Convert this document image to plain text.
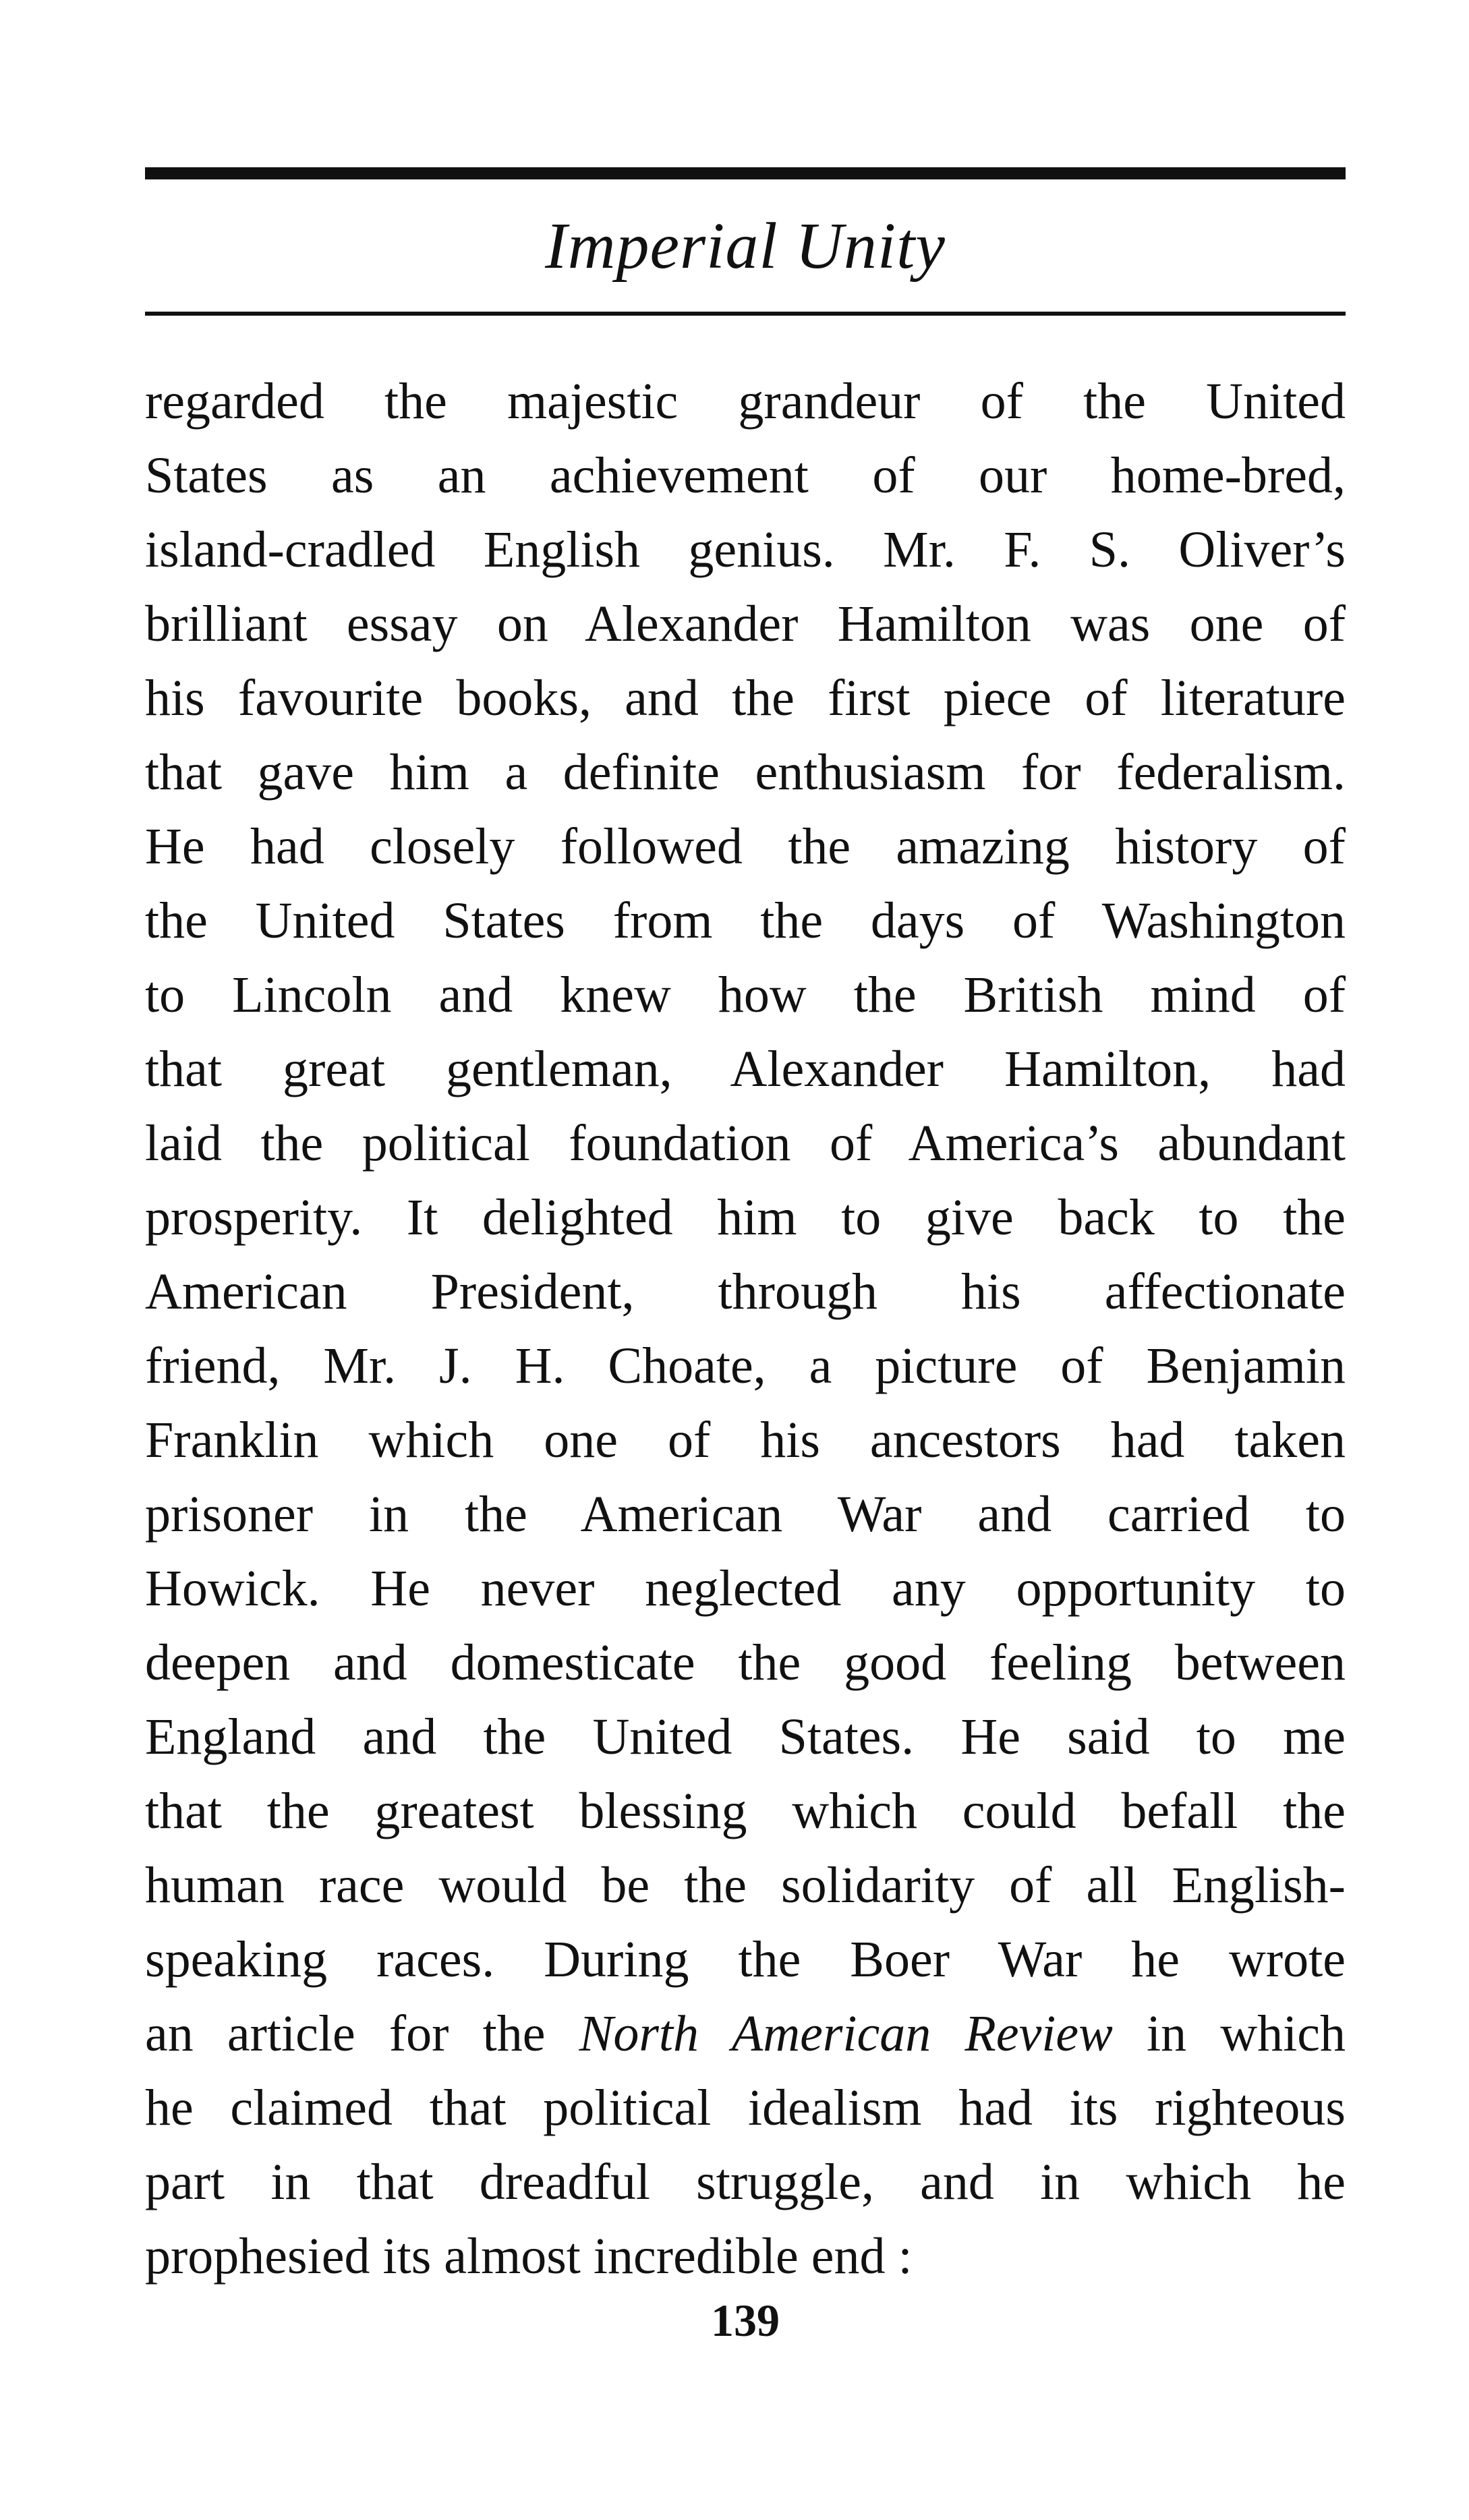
Imperial Unity
regarded the majestic grandeur of the United
States as an achievement of our home-bred,
island-cradled English genius. Mr. F. S. Oliver’s
brilliant essay on Alexander Hamilton was one of
his favourite books, and the first piece of literature
that gave him a definite enthusiasm for federalism.
He had closely followed the amazing history of
the United States from the days of Washington
to Lincoln and knew how the British mind of
that great gentleman, Alexander Hamilton, had
laid the political foundation of America’s abundant
prosperity. It delighted him to give back to the
American President, through his affectionate
friend, Mr. J. H. Choate, a picture of Benjamin
Franklin which one of his ancestors had taken
prisoner in the American War and carried to
Howick. He never neglected any opportunity to
deepen and domesticate the good feeling between
England and the United States. He said to me
that the greatest blessing which could befall the
human race would be the solidarity of all English-
speaking races. During the Boer War he wrote
an article for the North American Review in which
he claimed that political idealism had its righteous
part in that dreadful struggle, and in which he
prophesied its almost incredible end :
139
